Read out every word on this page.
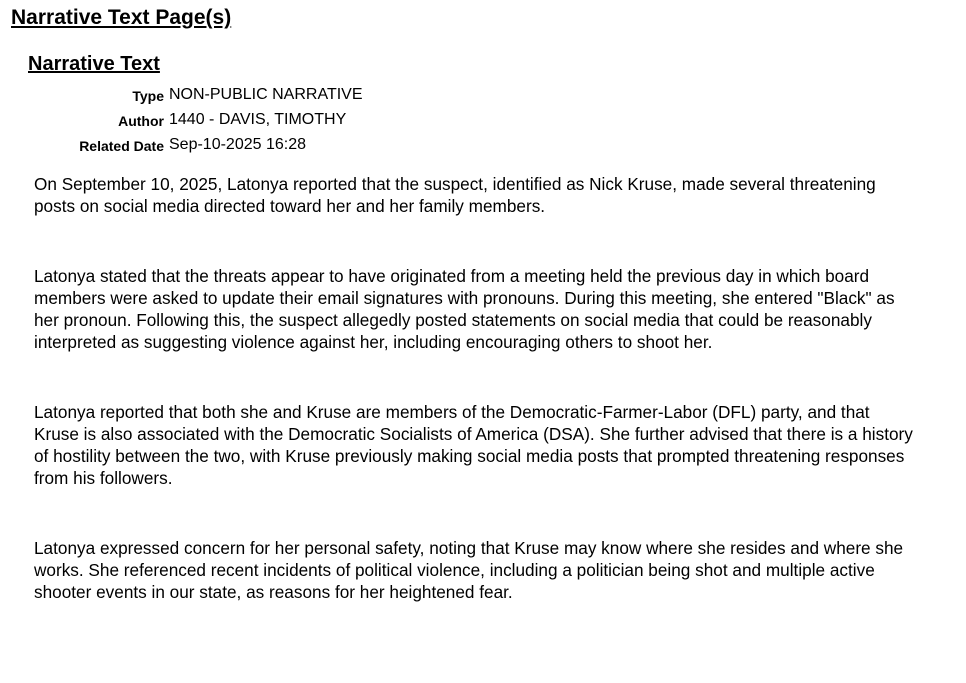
Narrative Text Page(s)
Narrative Text
Type NON-PUBLIC NARRATIVE
Author 1440 - DAVIS, TIMOTHY
Related Date Sep-10-2025 16:28

On September 10, 2025, Latonya reported that the suspect, identified as Nick Kruse, made several threatening posts on social media directed toward her and her family members.

Latonya stated that the threats appear to have originated from a meeting held the previous day in which board members were asked to update their email signatures with pronouns. During this meeting, she entered "Black" as her pronoun. Following this, the suspect allegedly posted statements on social media that could be reasonably interpreted as suggesting violence against her, including encouraging others to shoot her.

Latonya reported that both she and Kruse are members of the Democratic-Farmer-Labor (DFL) party, and that Kruse is also associated with the Democratic Socialists of America (DSA). She further advised that there is a history of hostility between the two, with Kruse previously making social media posts that prompted threatening responses from his followers.

Latonya expressed concern for her personal safety, noting that Kruse may know where she resides and where she works. She referenced recent incidents of political violence, including a politician being shot and multiple active shooter events in our state, as reasons for her heightened fear.
